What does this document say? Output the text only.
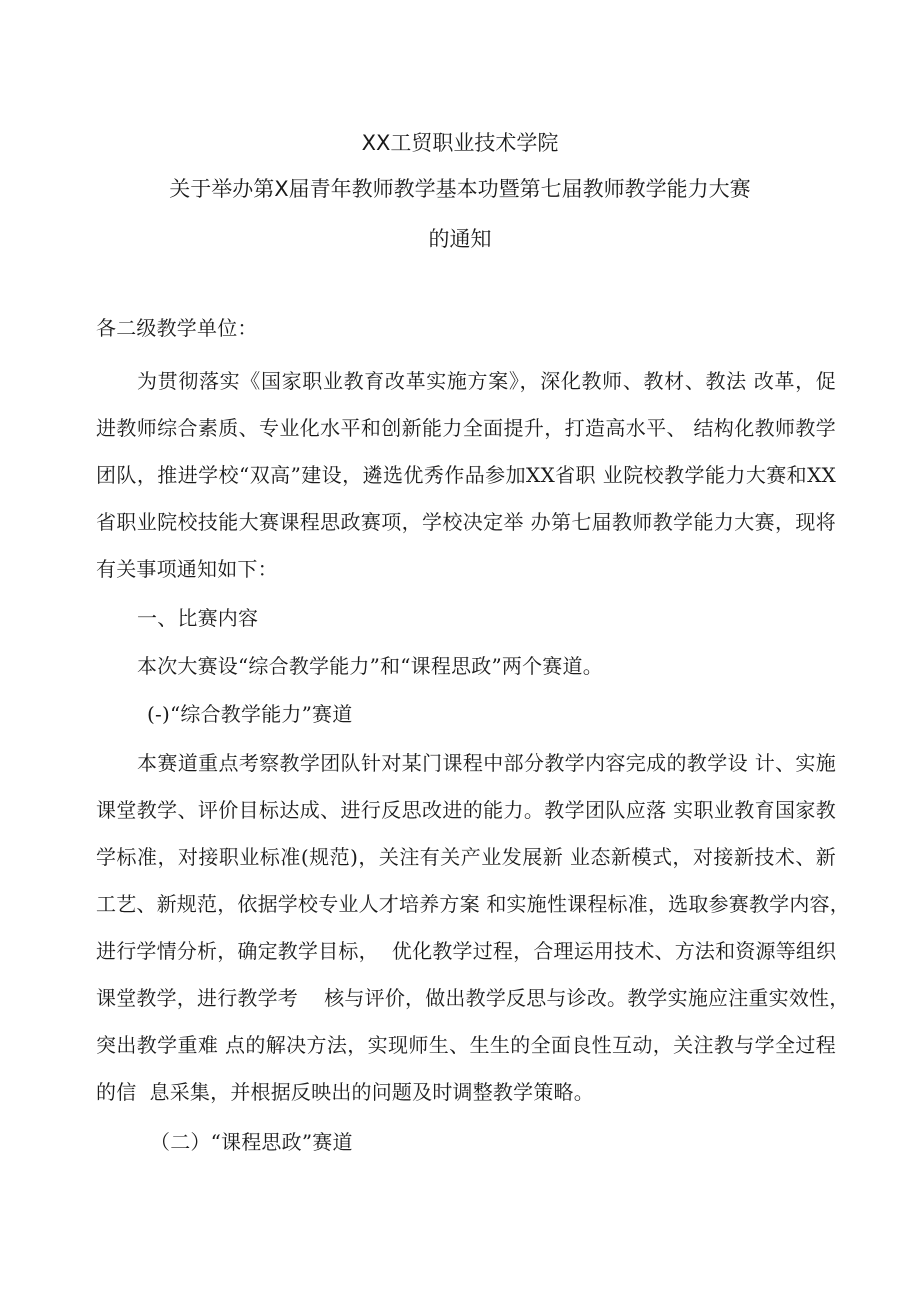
XX工贸职业技术学院
关于举办第X届青年教师教学基本功暨第七届教师教学能力大赛
的通知
各二级教学单位：
为贯彻落实《国家职业教育改革实施方案》，深化教师、教材、教法 改革，促
进教师综合素质、专业化水平和创新能力全面提升，打造高水平、 结构化教师教学
团队，推进学校“双高”建设，遴选优秀作品参加XX省职 业院校教学能力大赛和XX
省职业院校技能大赛课程思政赛项，学校决定举 办第七届教师教学能力大赛，现将
有关事项通知如下：
一、比赛内容
本次大赛设“综合教学能力”和“课程思政”两个赛道。
(-)“综合教学能力”赛道
本赛道重点考察教学团队针对某门课程中部分教学内容完成的教学设 计、实施
课堂教学、评价目标达成、进行反思改进的能力。教学团队应落 实职业教育国家教
学标准，对接职业标准(规范)，关注有关产业发展新 业态新模式，对接新技术、新
工艺、新规范，依据学校专业人才培养方案 和实施性课程标准，选取参赛教学内容，
进行学情分析，确定教学目标，  优化教学过程，合理运用技术、方法和资源等组织
课堂教学，进行教学考    核与评价，做出教学反思与诊改。教学实施应注重实效性，
突出教学重难 点的解决方法，实现师生、生生的全面良性互动，关注教与学全过程
的信  息采集，并根据反映出的问题及时调整教学策略。
（二）“课程思政”赛道
